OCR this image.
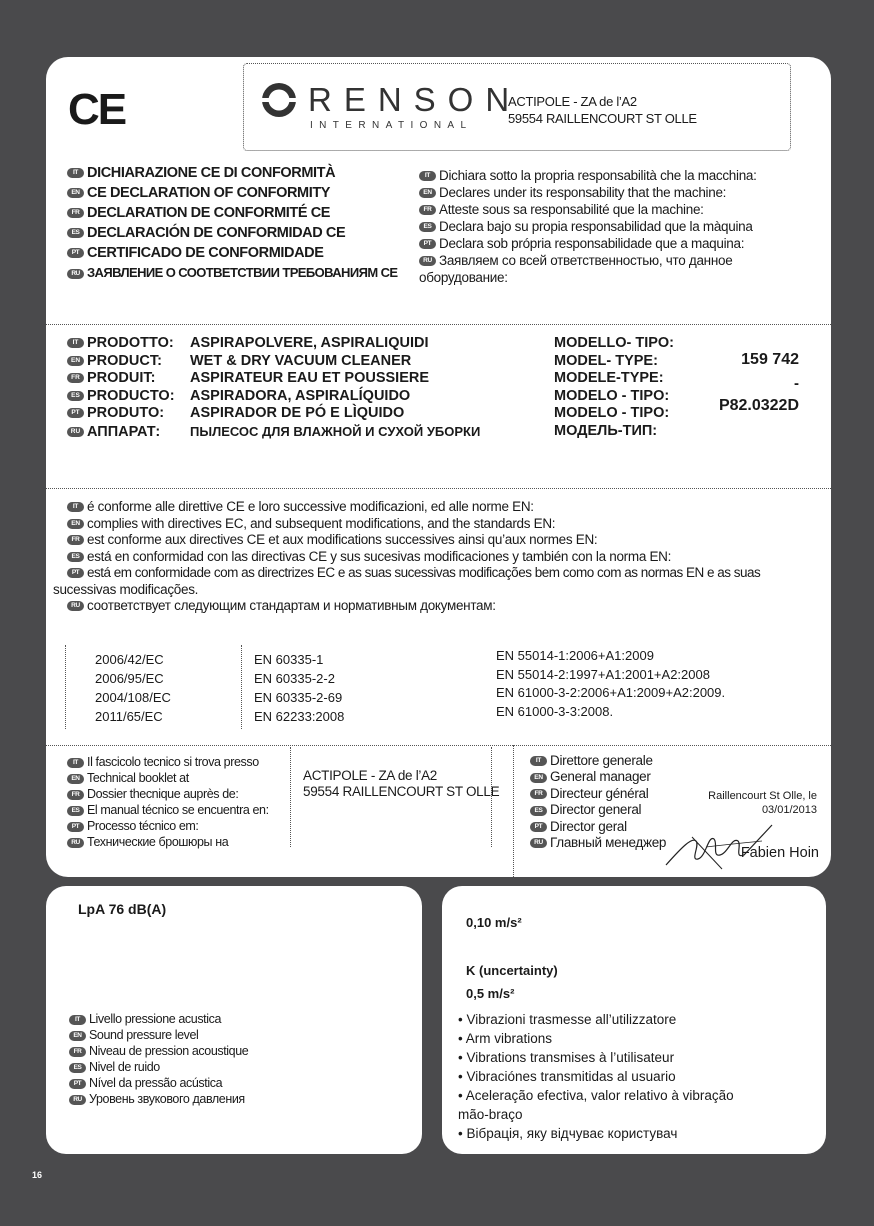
CE	RENSON
INTERNATIONAL
ACTIPOLE - ZA de l’A2
59554 RAILLENCOURT ST OLLE
IT DICHIARAZIONE CE DI CONFORMITÀ
EN CE DECLARATION OF CONFORMITY
FR DECLARATION DE CONFORMITÉ CE
ES DECLARACIÓN DE CONFORMIDAD CE
PT CERTIFICADO DE CONFORMIDADE
RU ЗАЯВЛЕНИЕ О СООТВЕТСТВИИ ТРЕБОВАНИЯМ СЕ
IT Dichiara sotto la propria responsabilità che la macchina:
EN Declares under its responsability that the machine:
FR Atteste sous sa responsabilité que la machine:
ES Declara bajo su propia responsabilidad que la màquina
PT Declara sob própria responsabilidade que a maquina:
RU Заявляем со всей ответственностью, что данное
оборудование:
IT PRODOTTO: ASPIRAPOLVERE, ASPIRALIQUIDI
EN PRODUCT: WET & DRY VACUUM CLEANER
FR PRODUIT: ASPIRATEUR EAU ET POUSSIERE
ES PRODUCTO: ASPIRADORA, ASPIRALÍQUIDO
PT PRODUTO: ASPIRADOR DE PÓ E LÌQUIDO
RU АППАРАТ: ПЫЛЕСОС ДЛЯ ВЛАЖНОЙ И СУХОЙ УБОРКИ
MODELLO- TIPO:
MODEL- TYPE:
MODELE-TYPE:
MODELO - TIPO:
MODELO - TIPO:
МОДЕЛЬ-ТИП:
159 742
-
P82.0322D
IT é conforme alle direttive CE e loro successive modificazioni, ed alle norme EN:
EN complies with directives EC, and subsequent modifications, and the standards EN:
FR est conforme aux directives CE et aux modifications successives ainsi qu’aux normes EN:
ES está en conformidad con las directivas CE y sus sucesivas modificaciones y también con la norma EN:
PT está em conformidade com as directrizes EC e as suas sucessivas modificações bem como com as normas EN e as suas
sucessivas modificações.
RU соответствует следующим стандартам и нормативным документам:
2006/42/EC
2006/95/EC
2004/108/EC
2011/65/EC
EN 60335-1
EN 60335-2-2
EN 60335-2-69
EN 62233:2008
EN 55014-1:2006+A1:2009
EN 55014-2:1997+A1:2001+A2:2008
EN 61000-3-2:2006+A1:2009+A2:2009.
EN 61000-3-3:2008.
IT Il fascicolo tecnico si trova presso
EN Technical booklet at
FR Dossier thecnique auprès de:
ES El manual técnico se encuentra en:
PT Processo técnico em:
RU Технические брошюры на
ACTIPOLE - ZA de l’A2
59554 RAILLENCOURT ST OLLE
IT Direttore generale
EN General manager
FR Directeur général
ES Director general
PT Director geral
RU Главный менеджер
Raillencourt St Olle, le
03/01/2013
Fabien Hoin
LpA 76 dB(A)
IT Livello pressione acustica
EN Sound pressure level
FR Niveau de pression acoustique
ES Nivel de ruido
PT Nível da pressão acústica
RU Уровень звукового давления
0,10 m/s²
K (uncertainty)
0,5 m/s²
• Vibrazioni trasmesse all’utilizzatore
• Arm vibrations
• Vibrations transmises à l’utilisateur
• Vibraciónes transmitidas al usuario
• Aceleração efectiva, valor relativo à vibração
mão-braço
• Вібрація, яку відчуває користувач	cod. 7.300.0442 Rev. 01 01/2013
16
